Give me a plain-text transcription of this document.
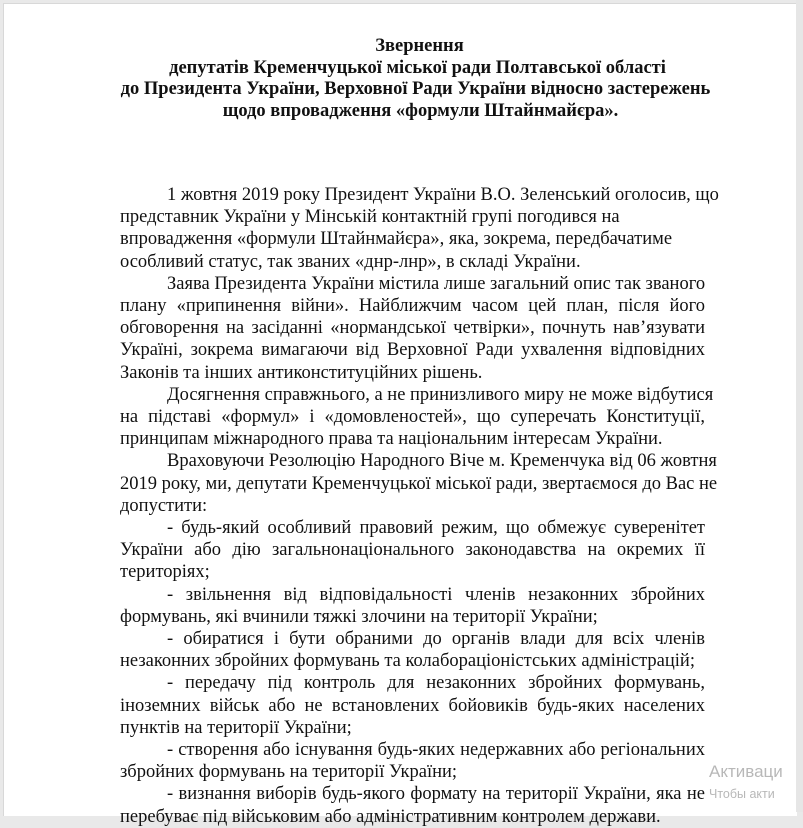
Звернення
депутатів Кременчуцької міської ради Полтавської області
до Президента України, Верховної Ради України відносно застережень
щодо впровадження «формули Штайнмайєра».
1 жовтня 2019 року Президент України В.О. Зеленський оголосив, що
представник України у Мінській контактній групі погодився на
впровадження «формули Штайнмайєра», яка, зокрема, передбачатиме
особливий статус, так званих «днр-лнр», в складі України.
Заява Президента України містила лише загальний опис так званого
плану «припинення війни». Найближчим часом цей план, після його
обговорення на засіданні «нормандської четвірки», почнуть нав’язувати
Україні, зокрема вимагаючи від Верховної Ради ухвалення відповідних
Законів та інших антиконституційних рішень.
Досягнення справжнього, а не принизливого миру не може відбутися
на підставі «формул» і «домовленостей», що суперечать Конституції,
принципам міжнародного права та національним інтересам України.
Враховуючи Резолюцію Народного Віче м. Кременчука від 06 жовтня
2019 року, ми, депутати Кременчуцької міської ради, звертаємося до Вас не
допустити:
- будь-який особливий правовий режим, що обмежує суверенітет
України або дію загальнонаціонального законодавства на окремих її
територіях;
- звільнення від відповідальності членів незаконних збройних
формувань, які вчинили тяжкі злочини на території України;
- обиратися і бути обраними до органів влади для всіх членів
незаконних збройних формувань та колабораціоністських адміністрацій;
- передачу під контроль для незаконних збройних формувань,
іноземних військ або не встановлених бойовиків будь-яких населених
пунктів на території України;
- створення або існування будь-яких недержавних або регіональних
збройних формувань на території України;
- визнання виборів будь-якого формату на території України, яка не
перебуває під військовим або адміністративним контролем держави.
Активаци
Чтобы акти
